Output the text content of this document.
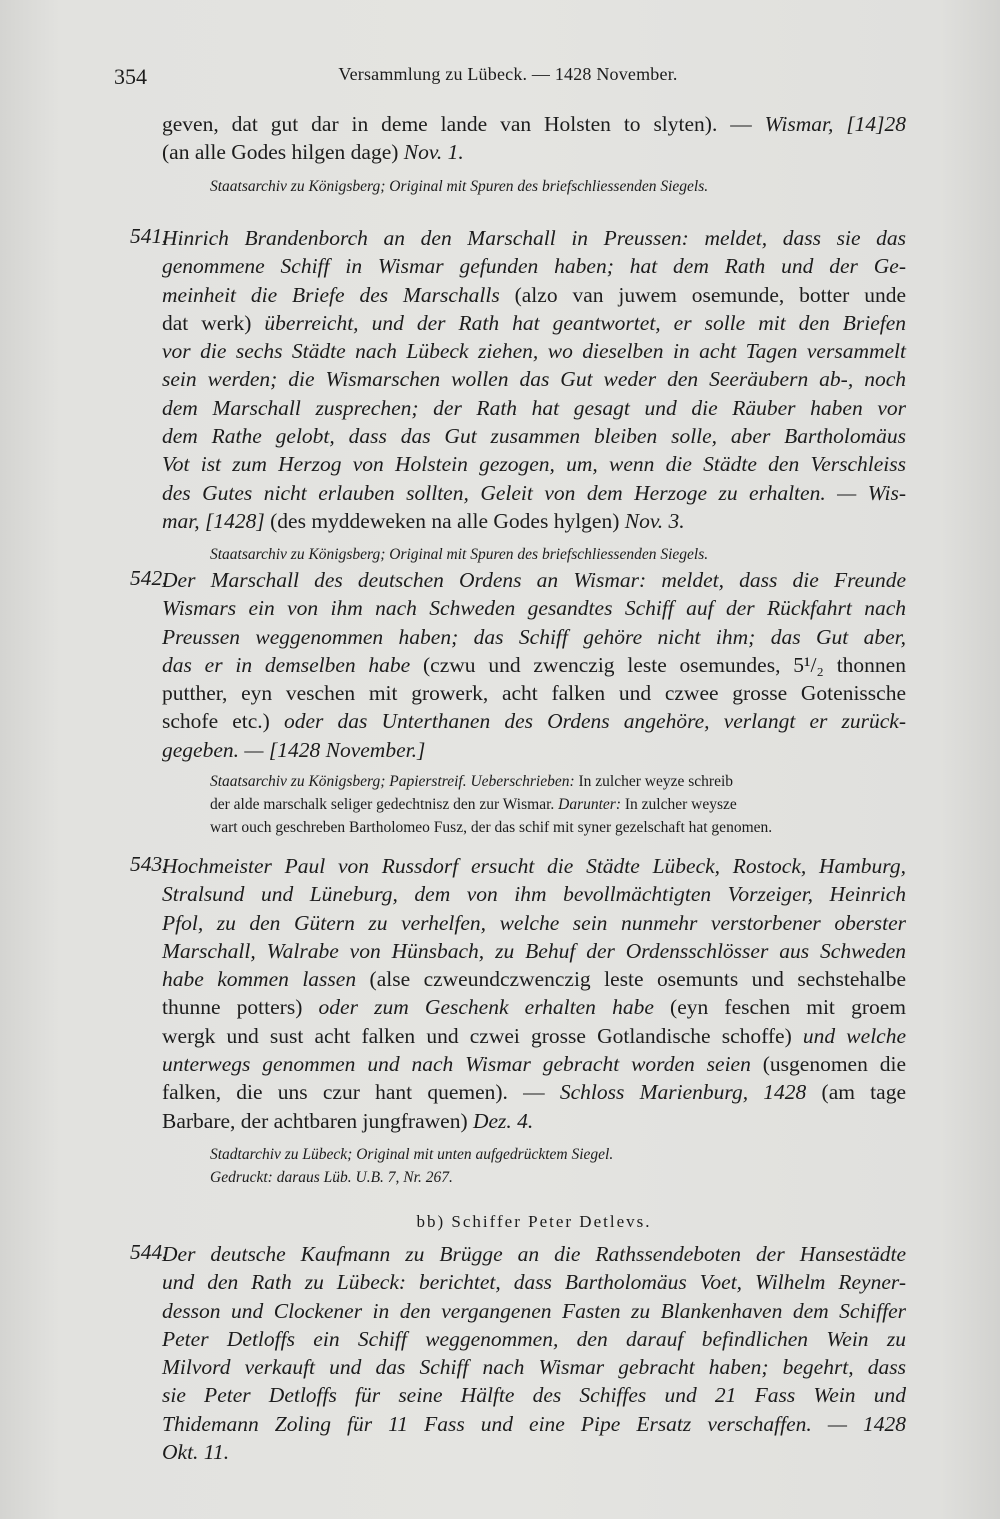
354	Versammlung zu Lübeck. — 1428 November.
geven, dat gut dar in deme lande van Holsten to slyten). — Wismar, [14]28
(an alle Godes hilgen dage) Nov. 1.
Staatsarchiv zu Königsberg; Original mit Spuren des briefschliessenden Siegels.
541.
Hinrich Brandenborch an den Marschall in Preussen: meldet, dass sie das
genommene Schiff in Wismar gefunden haben; hat dem Rath und der Ge-
meinheit die Briefe des Marschalls (alzo van juwem osemunde, botter unde
dat werk) überreicht, und der Rath hat geantwortet, er solle mit den Briefen
vor die sechs Städte nach Lübeck ziehen, wo dieselben in acht Tagen versammelt
sein werden; die Wismarschen wollen das Gut weder den Seeräubern ab-, noch
dem Marschall zusprechen; der Rath hat gesagt und die Räuber haben vor
dem Rathe gelobt, dass das Gut zusammen bleiben solle, aber Bartholomäus
Vot ist zum Herzog von Holstein gezogen, um, wenn die Städte den Verschleiss
des Gutes nicht erlauben sollten, Geleit von dem Herzoge zu erhalten. — Wis-
mar, [1428] (des myddeweken na alle Godes hylgen) Nov. 3.
Staatsarchiv zu Königsberg; Original mit Spuren des briefschliessenden Siegels.
542.
Der Marschall des deutschen Ordens an Wismar: meldet, dass die Freunde
Wismars ein von ihm nach Schweden gesandtes Schiff auf der Rückfahrt nach
Preussen weggenommen haben; das Schiff gehöre nicht ihm; das Gut aber,
das er in demselben habe (czwu und zwenczig leste osemundes, 5¹/₂ thonnen
putther, eyn veschen mit growerk, acht falken und czwee grosse Gotenissche
schofe etc.) oder das Unterthanen des Ordens angehöre, verlangt er zurück-
gegeben. — [1428 November.]
Staatsarchiv zu Königsberg; Papierstreif. Ueberschrieben: In zulcher weyze schreib
der alde marschalk seliger gedechtnisz den zur Wismar. Darunter: In zulcher weysze
wart ouch geschreben Bartholomeo Fusz, der das schif mit syner gezelschaft hat genomen.
543.
Hochmeister Paul von Russdorf ersucht die Städte Lübeck, Rostock, Hamburg,
Stralsund und Lüneburg, dem von ihm bevollmächtigten Vorzeiger, Heinrich
Pfol, zu den Gütern zu verhelfen, welche sein nunmehr verstorbener oberster
Marschall, Walrabe von Hünsbach, zu Behuf der Ordensschlösser aus Schweden
habe kommen lassen (alse czweundczwenczig leste osemunts und sechstehalbe
thunne potters) oder zum Geschenk erhalten habe (eyn feschen mit groem
wergk und sust acht falken und czwei grosse Gotlandische schoffe) und welche
unterwegs genommen und nach Wismar gebracht worden seien (usgenomen die
falken, die uns czur hant quemen). — Schloss Marienburg, 1428 (am tage
Barbare, der achtbaren jungfrawen) Dez. 4.
Stadtarchiv zu Lübeck; Original mit unten aufgedrücktem Siegel.
Gedruckt: daraus Lüb. U.B. 7, Nr. 267.
bb) Schiffer Peter Detlevs.
544.
Der deutsche Kaufmann zu Brügge an die Rathssendeboten der Hansestädte
und den Rath zu Lübeck: berichtet, dass Bartholomäus Voet, Wilhelm Reyner-
desson und Clockener in den vergangenen Fasten zu Blankenhaven dem Schiffer
Peter Detloffs ein Schiff weggenommen, den darauf befindlichen Wein zu
Milvord verkauft und das Schiff nach Wismar gebracht haben; begehrt, dass
sie Peter Detloffs für seine Hälfte des Schiffes und 21 Fass Wein und
Thidemann Zoling für 11 Fass und eine Pipe Ersatz verschaffen. — 1428
Okt. 11.
